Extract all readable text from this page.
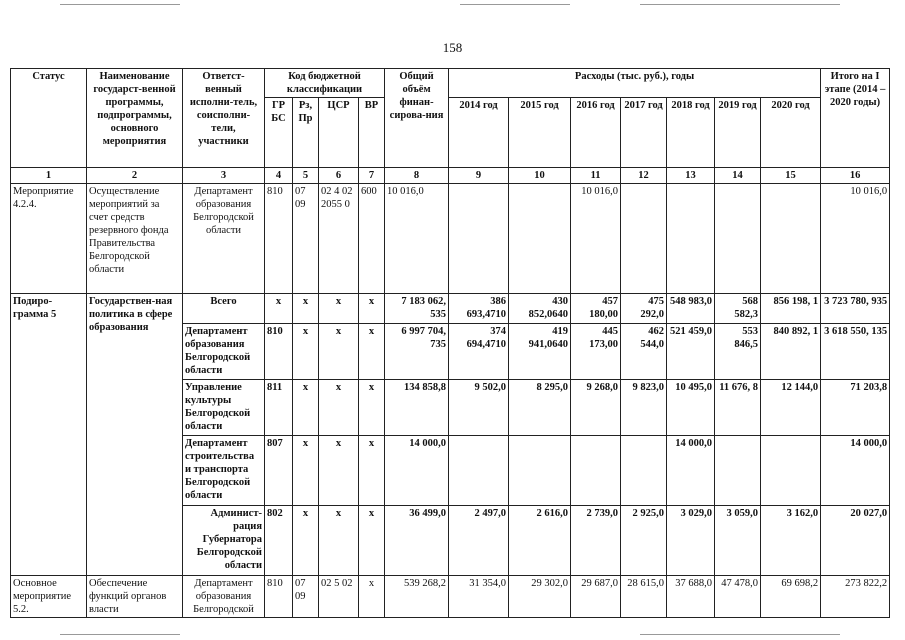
158
Статус	Наименование государст-венной программы, подпрограммы, основного мероприятия	Ответст-венный исполни-тель, соисполни-тели, участники	Код бюджетной классификации				Общий объём финан-сирова-ния	Расходы (тыс. руб.), годы							Итого на I этапе (2014 – 2020 годы)
			ГР БС	Рз, Пр	ЦСР	ВР		2014 год	2015 год	2016 год	2017 год	2018 год	2019 год	2020 год	
1	2	3	4	5	6	7	8	9	10	11	12	13	14	15	16
Мероприятие 4.2.4.	Осуществление мероприятий за счет средств резервного фонда Правительства Белгородской области	Департамент образования Белгородской области	810	07 09	02 4 02 2055 0	600	10 016,0			10 016,0					10 016,0
Подиро-грамма 5	Государствен-ная политика в сфере образования	Всего	x	x	x	x	7 183 062, 535	386 693,4710	430 852,0640	457 180,00	475 292,0	548 983,0	568 582,3	856 198, 1	3 723 780, 935
		Департамент образования Белгородской области	810	x	x	x	6 997 704, 735	374 694,4710	419 941,0640	445 173,00	462 544,0	521 459,0	553 846,5	840 892, 1	3 618 550, 135
		Управление культуры Белгородской области	811	x	x	x	134 858,8	9 502,0	8 295,0	9 268,0	9 823,0	10 495,0	11 676, 8	12 144,0	71 203,8
		Департамент строительства и транспорта Белгородской области	807	x	x	x	14 000,0					14 000,0			14 000,0
		Админист-рация Губернатора Белгородской области	802	x	x	x	36 499,0	2 497,0	2 616,0	2 739,0	2 925,0	3 029,0	3 059,0	3 162,0	20 027,0
Основное мероприятие 5.2.	Обеспечение функций органов власти	Департамент образования Белгородской	810	07 09	02 5 02	x	539 268,2	31 354,0	29 302,0	29 687,0	28 615,0	37 688,0	47 478,0	69 698,2	273 822,2
